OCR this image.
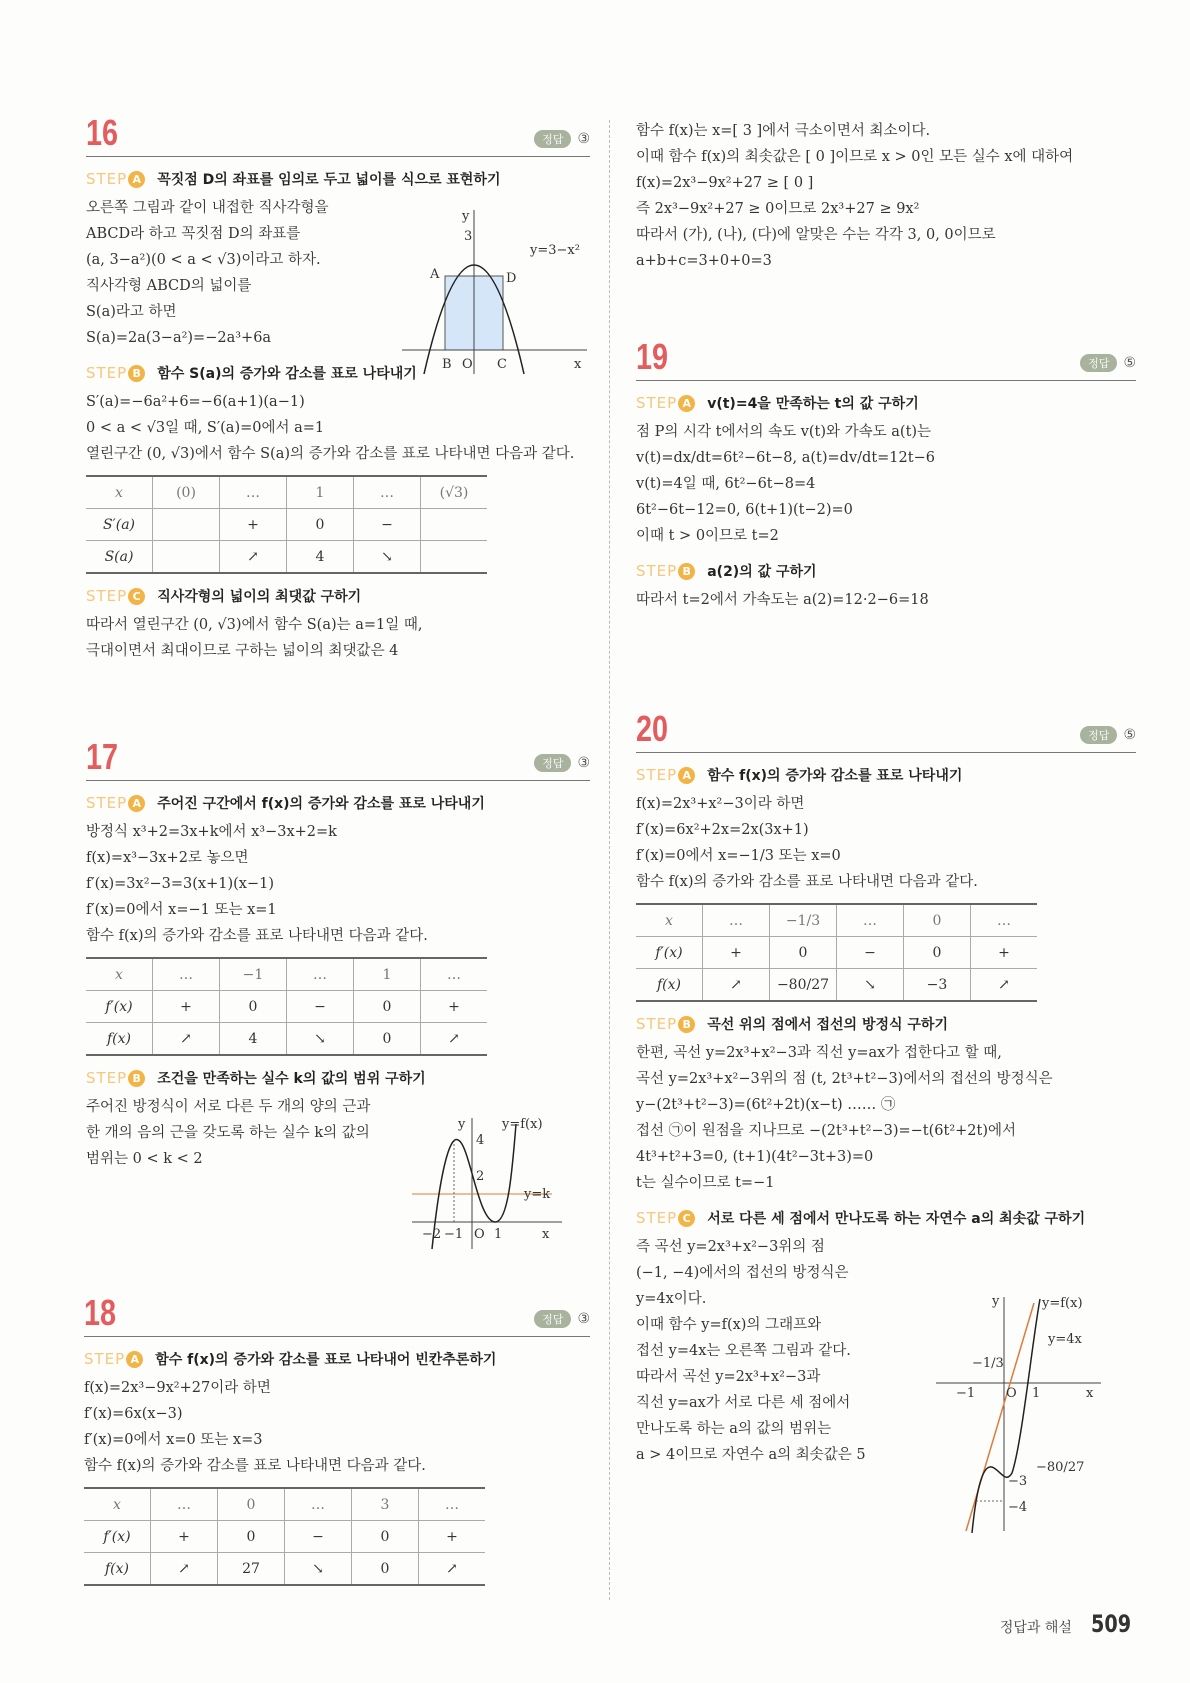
16	정답 ③
STEP A	꼭짓점 D의 좌표를 임의로 두고 넓이를 식으로 표현하기
오른쪽 그림과 같이 내접한 직사각형을
ABCD라 하고 꼭짓점 D의 좌표를
(a, 3−a²)(0 < a < √3)이라고 하자.
직사각형 ABCD의 넓이를
S(a)라고 하면
S(a)=2a(3−a²)=−2a³+6a
y
3
y=3−x²
A	D
B O C	x
STEP B	함수 S(a)의 증가와 감소를 표로 나타내기
S′(a)=−6a²+6=−6(a+1)(a−1)
0 < a < √3일 때, S′(a)=0에서 a=1
열린구간 (0, √3)에서 함수 S(a)의 증가와 감소를 표로 나타내면 다음과 같다.
x	(0)	…	1	…	(√3)
S′(a)		+	0	−	
S(a)		↗	4	↘	
STEP C	직사각형의 넓이의 최댓값 구하기
따라서 열린구간 (0, √3)에서 함수 S(a)는 a=1일 때,
극대이면서 최대이므로 구하는 넓이의 최댓값은 4
17	정답 ③
STEP A	주어진 구간에서 f(x)의 증가와 감소를 표로 나타내기
방정식 x³+2=3x+k에서 x³−3x+2=k
f(x)=x³−3x+2로 놓으면
f′(x)=3x²−3=3(x+1)(x−1)
f′(x)=0에서 x=−1 또는 x=1
함수 f(x)의 증가와 감소를 표로 나타내면 다음과 같다.
x	…	−1	…	1	…
f′(x)	+	0	−	0	+
f(x)	↗	4	↘	0	↗
STEP B	조건을 만족하는 실수 k의 값의 범위 구하기
주어진 방정식이 서로 다른 두 개의 양의 근과
한 개의 음의 근을 갖도록 하는 실수 k의 값의
범위는 0 < k < 2
y	y=f(x)
4
2
y=k
−2 −1 O 1	x
18	정답 ③
STEP A	함수 f(x)의 증가와 감소를 표로 나타내어 빈칸추론하기
f(x)=2x³−9x²+27이라 하면
f′(x)=6x(x−3)
f′(x)=0에서 x=0 또는 x=3
함수 f(x)의 증가와 감소를 표로 나타내면 다음과 같다.
x	…	0	…	3	…
f′(x)	+	0	−	0	+
f(x)	↗	27	↘	0	↗
함수 f(x)는 x=[ 3 ]에서 극소이면서 최소이다.
이때 함수 f(x)의 최솟값은 [ 0 ]이므로 x > 0인 모든 실수 x에 대하여
f(x)=2x³−9x²+27 ≥ [ 0 ]
즉 2x³−9x²+27 ≥ 0이므로 2x³+27 ≥ 9x²
따라서 (가), (나), (다)에 알맞은 수는 각각 3, 0, 0이므로
a+b+c=3+0+0=3
19	정답 ⑤
STEP A	v(t)=4을 만족하는 t의 값 구하기
점 P의 시각 t에서의 속도 v(t)와 가속도 a(t)는
v(t)=dx/dt=6t²−6t−8, a(t)=dv/dt=12t−6
v(t)=4일 때, 6t²−6t−8=4
6t²−6t−12=0, 6(t+1)(t−2)=0
이때 t > 0이므로 t=2
STEP B	a(2)의 값 구하기
따라서 t=2에서 가속도는 a(2)=12·2−6=18
20	정답 ⑤
STEP A	함수 f(x)의 증가와 감소를 표로 나타내기
f(x)=2x³+x²−3이라 하면
f′(x)=6x²+2x=2x(3x+1)
f′(x)=0에서 x=−1/3 또는 x=0
함수 f(x)의 증가와 감소를 표로 나타내면 다음과 같다.
x	…	−1/3	…	0	…
f′(x)	+	0	−	0	+
f(x)	↗	−80/27	↘	−3	↗
STEP B	곡선 위의 점에서 접선의 방정식 구하기
한편, 곡선 y=2x³+x²−3과 직선 y=ax가 접한다고 할 때,
곡선 y=2x³+x²−3위의 점 (t, 2t³+t²−3)에서의 접선의 방정식은
y−(2t³+t²−3)=(6t²+2t)(x−t) …… ㉠
접선 ㉠이 원점을 지나므로 −(2t³+t²−3)=−t(6t²+2t)에서
4t³+t²+3=0, (t+1)(4t²−3t+3)=0
t는 실수이므로 t=−1
STEP C	서로 다른 세 점에서 만나도록 하는 자연수 a의 최솟값 구하기
즉 곡선 y=2x³+x²−3위의 점
(−1, −4)에서의 접선의 방정식은
y=4x이다.
이때 함수 y=f(x)의 그래프와
접선 y=4x는 오른쪽 그림과 같다.
따라서 곡선 y=2x³+x²−3과
직선 y=ax가 서로 다른 세 점에서
만나도록 하는 a의 값의 범위는
a > 4이므로 자연수 a의 최솟값은 5
y	y=f(x)
y=4x
−1/3
−1 O 1	x
−80/27
−3
−4
정답과 해설 509
